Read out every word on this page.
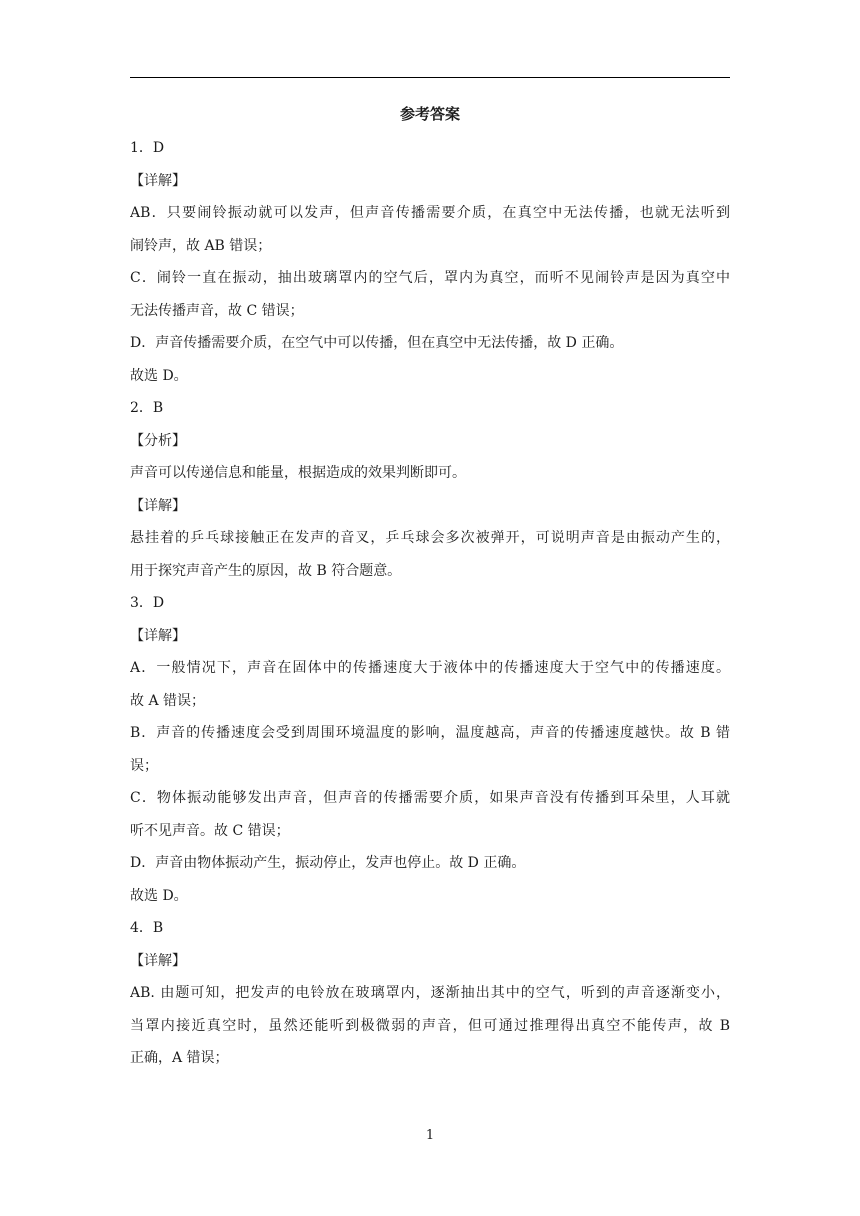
参考答案
1．D
【详解】
AB．只要闹铃振动就可以发声，但声音传播需要介质，在真空中无法传播，也就无法听到
闹铃声，故 AB 错误；
C．闹铃一直在振动，抽出玻璃罩内的空气后，罩内为真空，而听不见闹铃声是因为真空中
无法传播声音，故 C 错误；
D．声音传播需要介质，在空气中可以传播，但在真空中无法传播，故 D 正确。
故选 D。
2．B
【分析】
声音可以传递信息和能量，根据造成的效果判断即可。
【详解】
悬挂着的乒乓球接触正在发声的音叉，乒乓球会多次被弹开，可说明声音是由振动产生的，
用于探究声音产生的原因，故 B 符合题意。
3．D
【详解】
A．一般情况下，声音在固体中的传播速度大于液体中的传播速度大于空气中的传播速度。
故 A 错误；
B．声音的传播速度会受到周围环境温度的影响，温度越高，声音的传播速度越快。故 B 错
误；
C．物体振动能够发出声音，但声音的传播需要介质，如果声音没有传播到耳朵里，人耳就
听不见声音。故 C 错误；
D．声音由物体振动产生，振动停止，发声也停止。故 D 正确。
故选 D。
4．B
【详解】
AB. 由题可知，把发声的电铃放在玻璃罩内，逐渐抽出其中的空气，听到的声音逐渐变小，
当罩内接近真空时，虽然还能听到极微弱的声音，但可通过推理得出真空不能传声，故 B
正确，A 错误；
1
